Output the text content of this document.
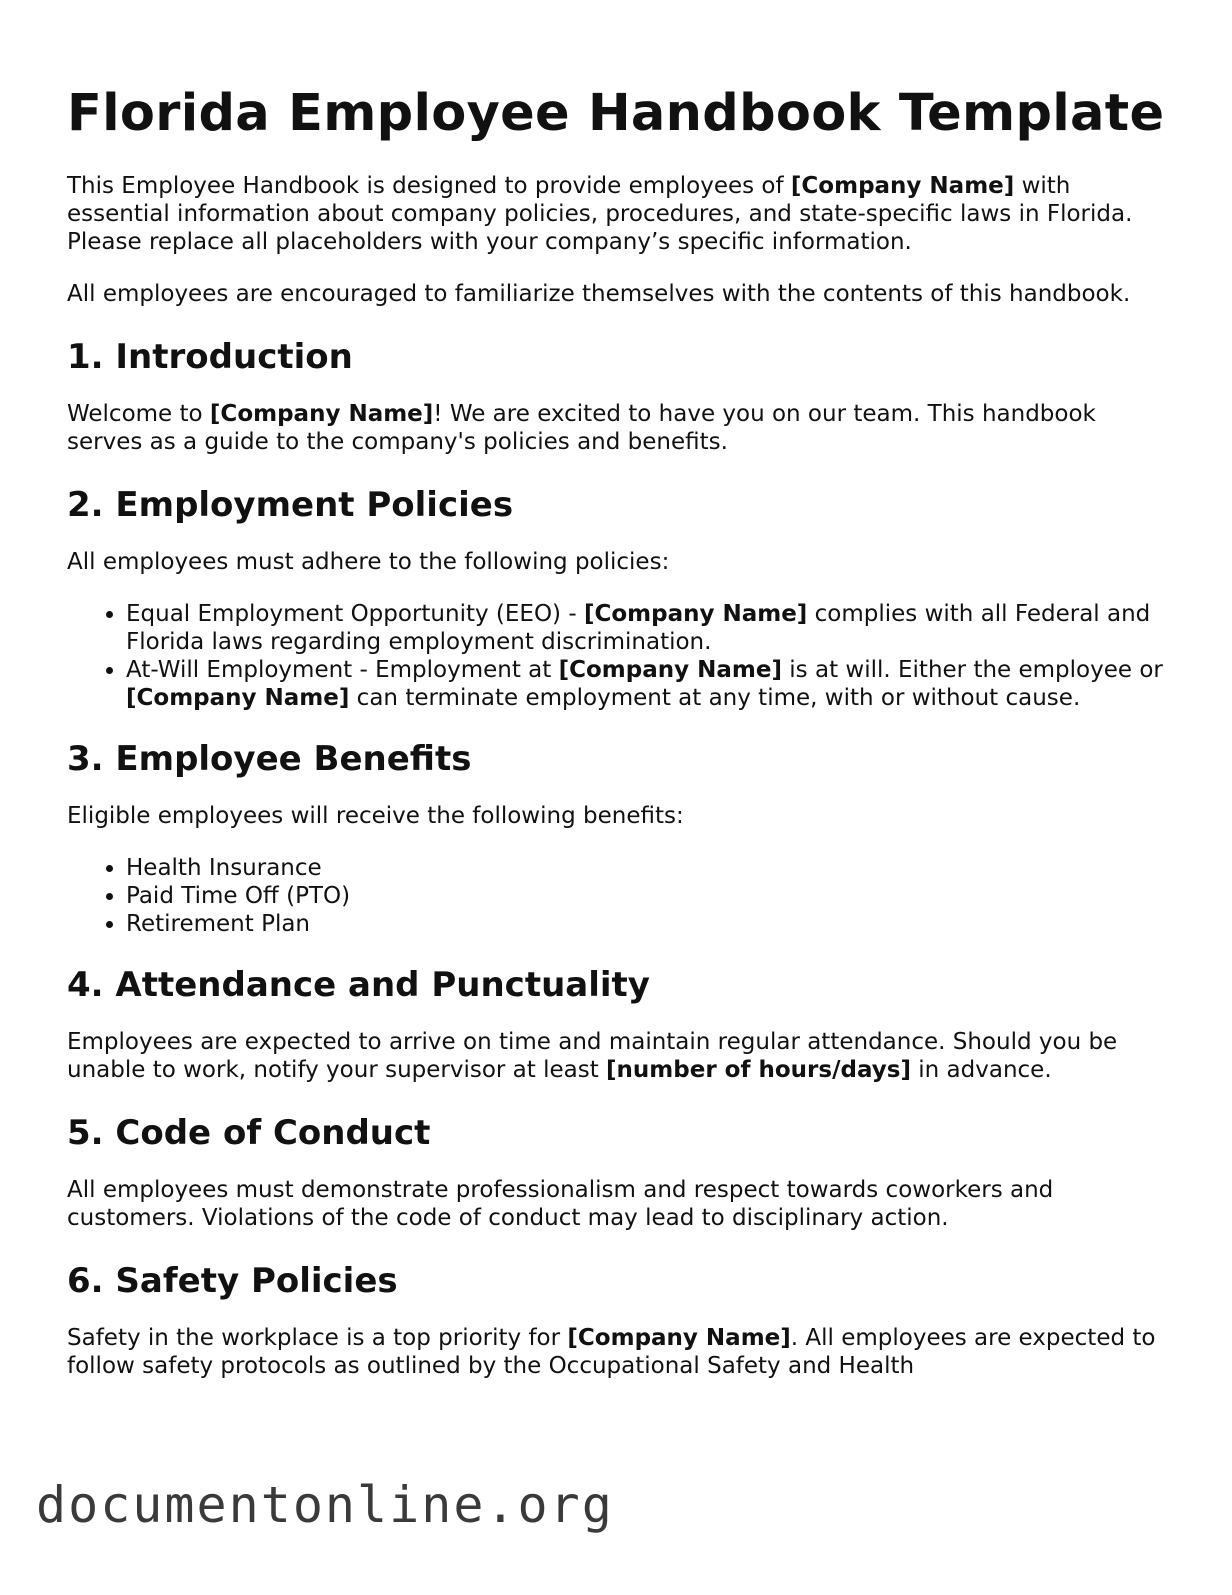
Florida Employee Handbook Template

This Employee Handbook is designed to provide employees of [Company Name] with essential information about company policies, procedures, and state-specific laws in Florida. Please replace all placeholders with your company’s specific information.

All employees are encouraged to familiarize themselves with the contents of this handbook.

1. Introduction

Welcome to [Company Name]! We are excited to have you on our team. This handbook serves as a guide to the company's policies and benefits.

2. Employment Policies

All employees must adhere to the following policies:

• Equal Employment Opportunity (EEO) - [Company Name] complies with all Federal and Florida laws regarding employment discrimination.
• At-Will Employment - Employment at [Company Name] is at will. Either the employee or [Company Name] can terminate employment at any time, with or without cause.
3. Employee Benefits

Eligible employees will receive the following benefits:

• Health Insurance
• Paid Time Off (PTO)
• Retirement Plan
4. Attendance and Punctuality

Employees are expected to arrive on time and maintain regular attendance. Should you be unable to work, notify your supervisor at least [number of hours/days] in advance.

5. Code of Conduct

All employees must demonstrate professionalism and respect towards coworkers and customers. Violations of the code of conduct may lead to disciplinary action.

6. Safety Policies

Safety in the workplace is a top priority for [Company Name]. All employees are expected to follow safety protocols as outlined by the Occupational Safety and Health

documentonline.org
